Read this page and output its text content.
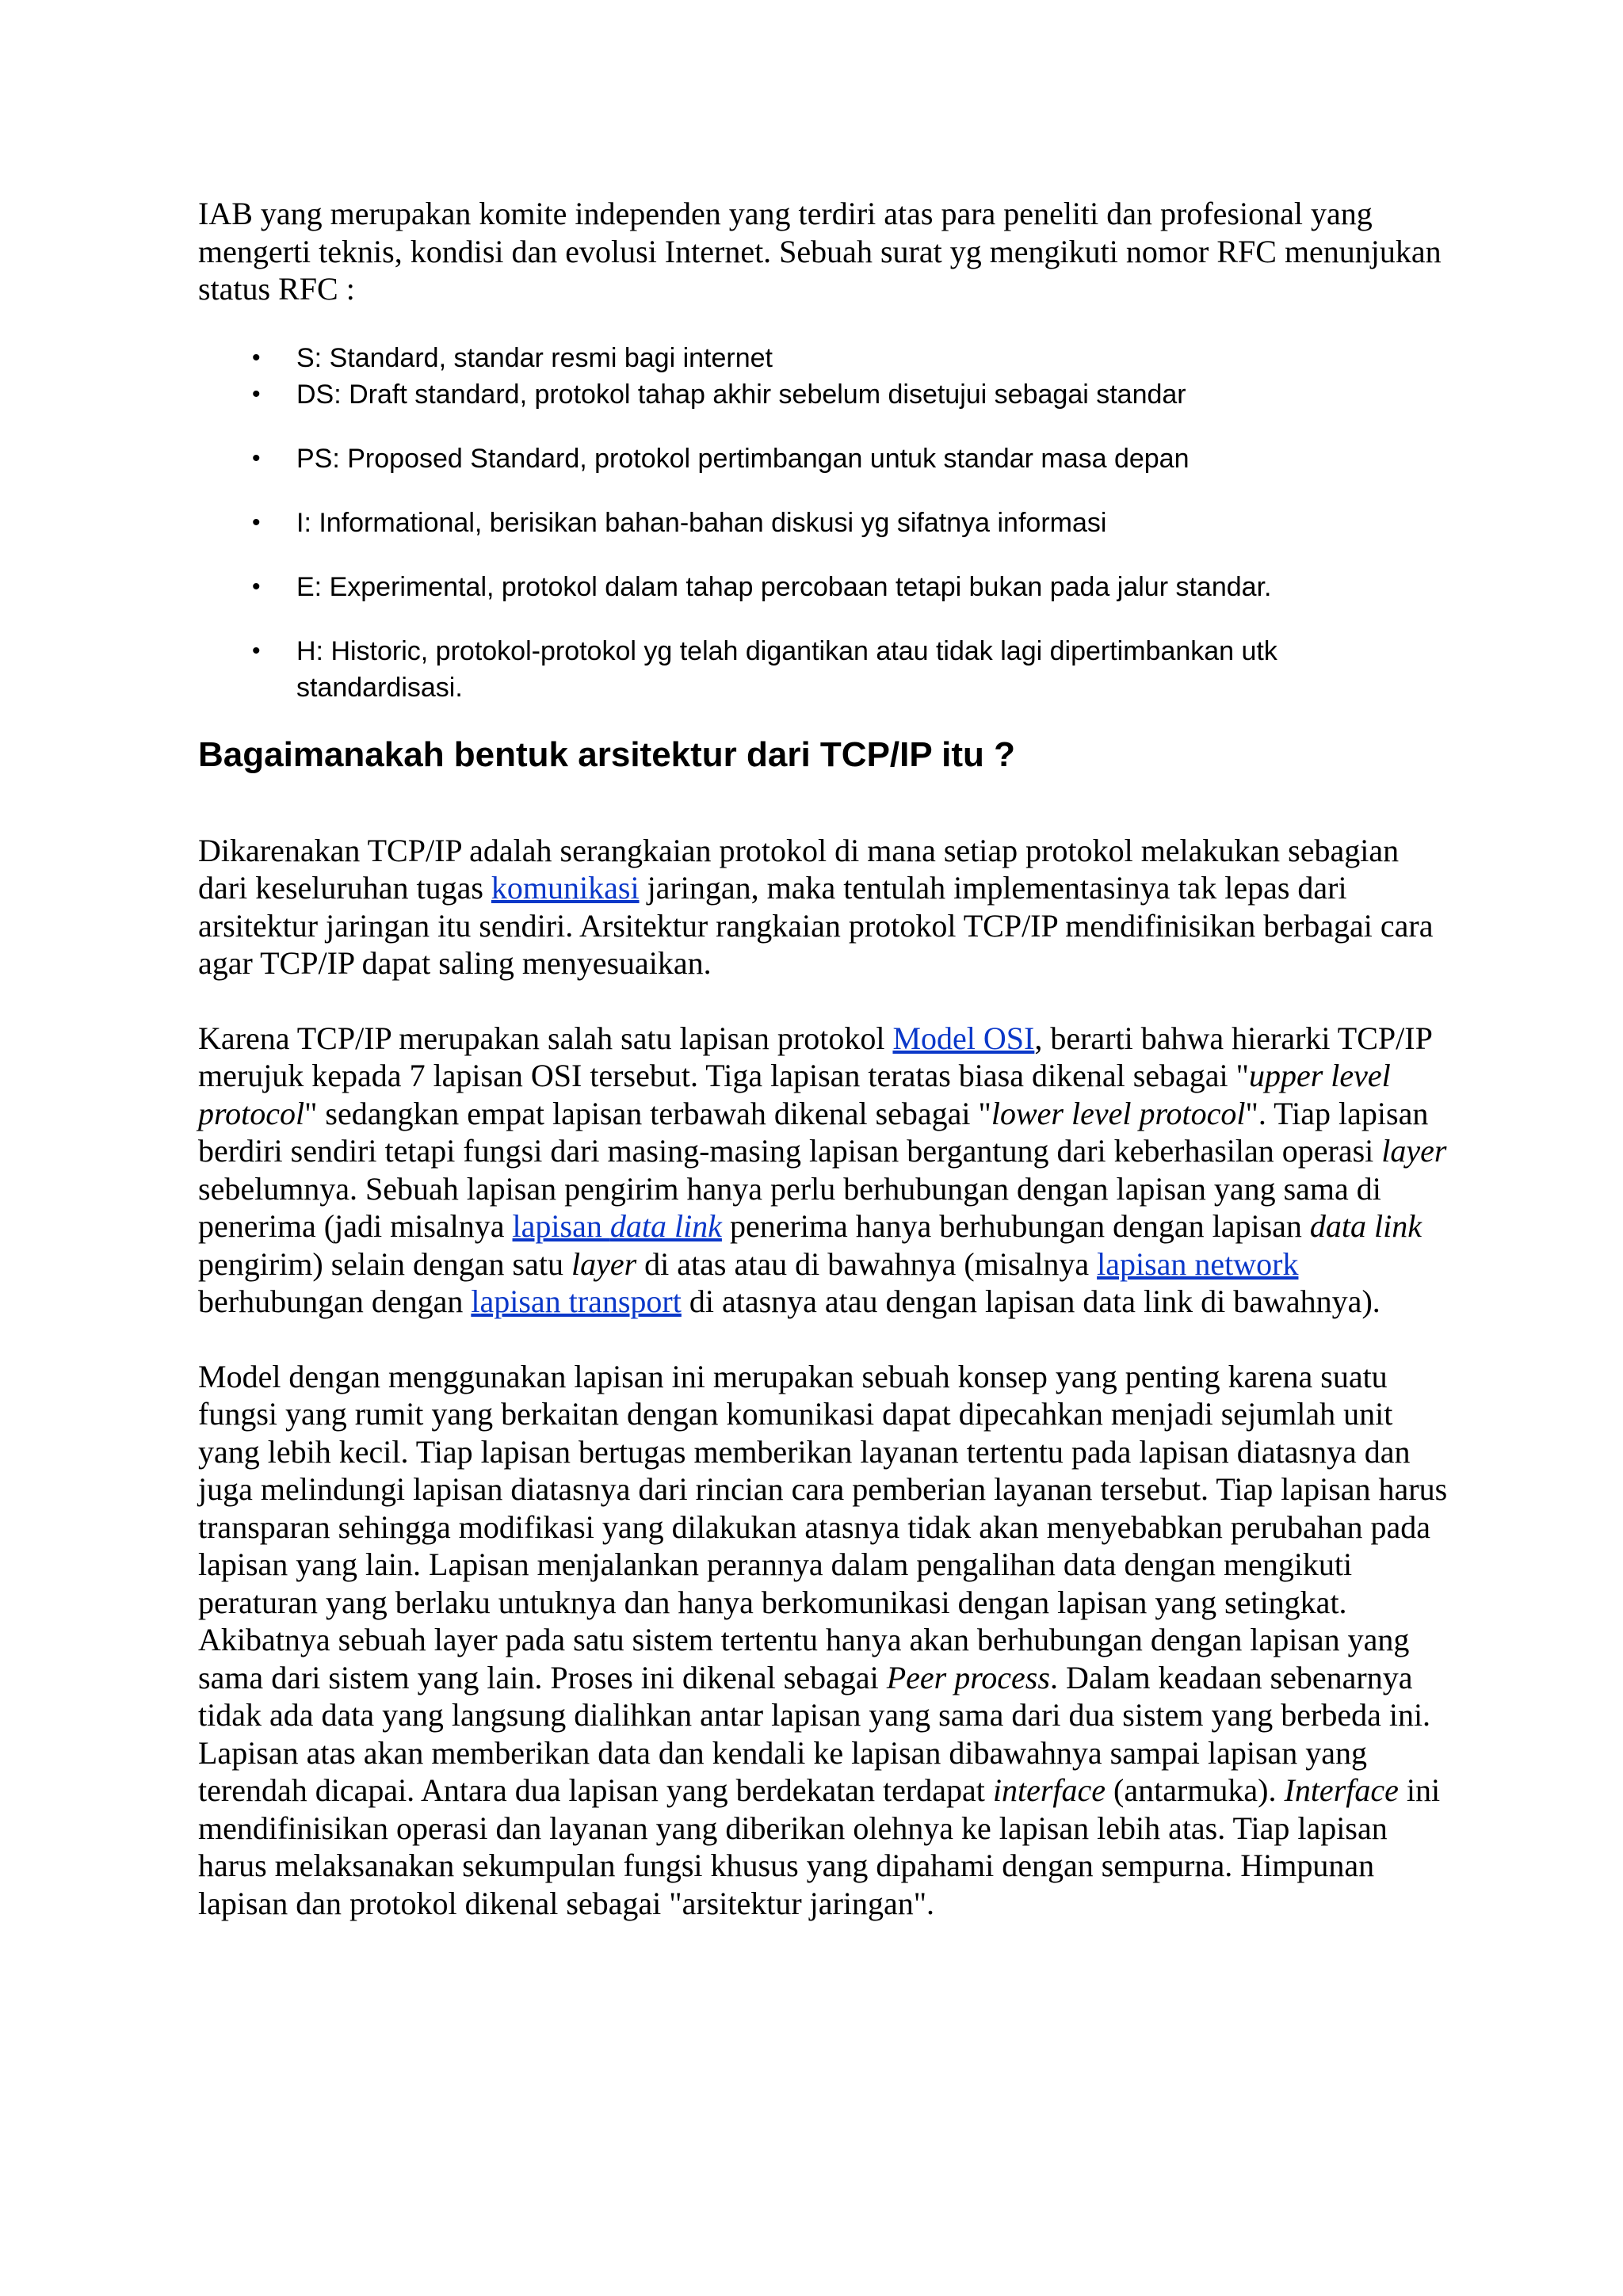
IAB yang merupakan komite independen yang terdiri atas para peneliti dan profesional yang mengerti teknis, kondisi dan evolusi Internet. Sebuah surat yg mengikuti nomor RFC menunjukan status RFC :

• S: Standard, standar resmi bagi internet
• DS: Draft standard, protokol tahap akhir sebelum disetujui sebagai standar
• PS: Proposed Standard, protokol pertimbangan untuk standar masa depan
• I: Informational, berisikan bahan-bahan diskusi yg sifatnya informasi
• E: Experimental, protokol dalam tahap percobaan tetapi bukan pada jalur standar.
• H: Historic, protokol-protokol yg telah digantikan atau tidak lagi dipertimbankan utk standardisasi.
Bagaimanakah bentuk arsitektur dari TCP/IP itu ?

Dikarenakan TCP/IP adalah serangkaian protokol di mana setiap protokol melakukan sebagian dari keseluruhan tugas komunikasi jaringan, maka tentulah implementasinya tak lepas dari arsitektur jaringan itu sendiri. Arsitektur rangkaian protokol TCP/IP mendifinisikan berbagai cara agar TCP/IP dapat saling menyesuaikan.

Karena TCP/IP merupakan salah satu lapisan protokol Model OSI, berarti bahwa hierarki TCP/IP merujuk kepada 7 lapisan OSI tersebut. Tiga lapisan teratas biasa dikenal sebagai "upper level protocol" sedangkan empat lapisan terbawah dikenal sebagai "lower level protocol". Tiap lapisan berdiri sendiri tetapi fungsi dari masing-masing lapisan bergantung dari keberhasilan operasi layer sebelumnya. Sebuah lapisan pengirim hanya perlu berhubungan dengan lapisan yang sama di penerima (jadi misalnya lapisan data link penerima hanya berhubungan dengan lapisan data link pengirim) selain dengan satu layer di atas atau di bawahnya (misalnya lapisan network berhubungan dengan lapisan transport di atasnya atau dengan lapisan data link di bawahnya).

Model dengan menggunakan lapisan ini merupakan sebuah konsep yang penting karena suatu fungsi yang rumit yang berkaitan dengan komunikasi dapat dipecahkan menjadi sejumlah unit yang lebih kecil. Tiap lapisan bertugas memberikan layanan tertentu pada lapisan diatasnya dan juga melindungi lapisan diatasnya dari rincian cara pemberian layanan tersebut. Tiap lapisan harus transparan sehingga modifikasi yang dilakukan atasnya tidak akan menyebabkan perubahan pada lapisan yang lain. Lapisan menjalankan perannya dalam pengalihan data dengan mengikuti peraturan yang berlaku untuknya dan hanya berkomunikasi dengan lapisan yang setingkat. Akibatnya sebuah layer pada satu sistem tertentu hanya akan berhubungan dengan lapisan yang sama dari sistem yang lain. Proses ini dikenal sebagai Peer process. Dalam keadaan sebenarnya tidak ada data yang langsung dialihkan antar lapisan yang sama dari dua sistem yang berbeda ini. Lapisan atas akan memberikan data dan kendali ke lapisan dibawahnya sampai lapisan yang terendah dicapai. Antara dua lapisan yang berdekatan terdapat interface (antarmuka). Interface ini mendifinisikan operasi dan layanan yang diberikan olehnya ke lapisan lebih atas. Tiap lapisan harus melaksanakan sekumpulan fungsi khusus yang dipahami dengan sempurna. Himpunan lapisan dan protokol dikenal sebagai "arsitektur jaringan".
